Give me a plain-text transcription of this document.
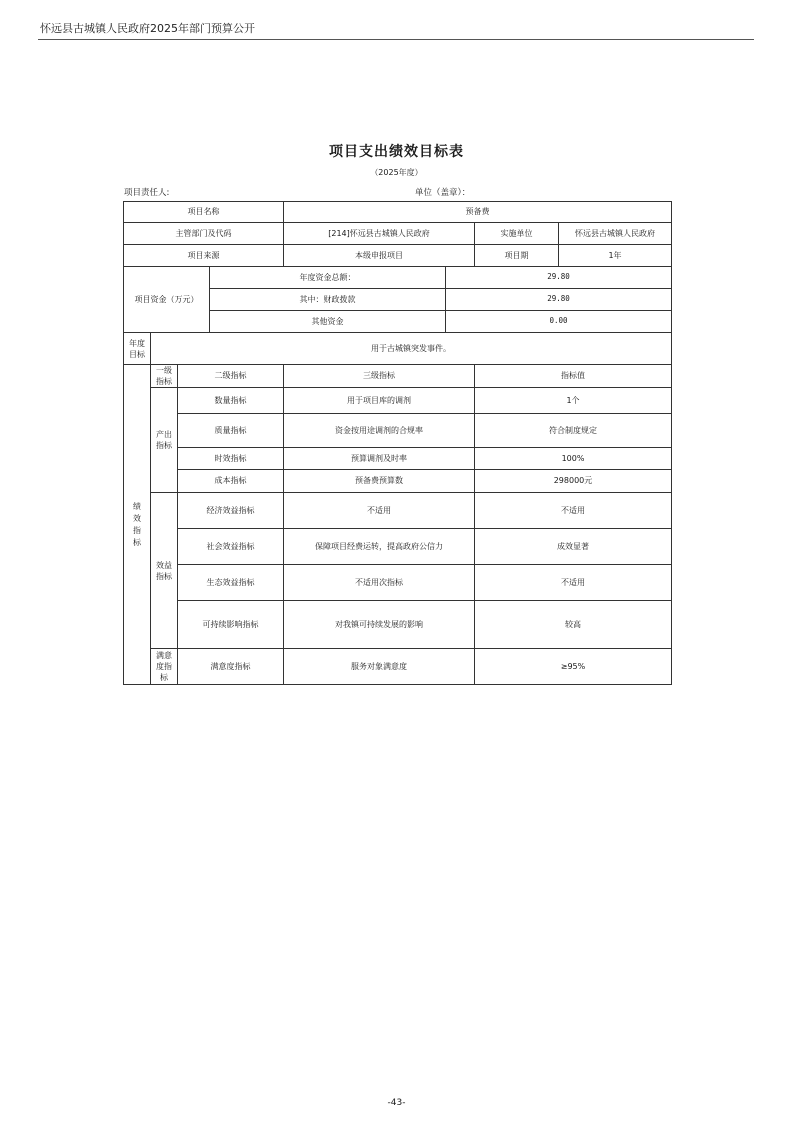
怀远县古城镇人民政府2025年部门预算公开
项目支出绩效目标表
（2025年度）
项目责任人:	单位（盖章）：
项目名称				预备费			
主管部门及代码				[214]怀远县古城镇人民政府		实施单位	怀远县古城镇人民政府
项目来源				本级申报项目		项目期	1年
项目资金（万元）			年度资金总额：		29.80		
			其中：财政拨款		29.80		
			其他资金		0.00		
年度目标	用于古城镇突发事件。						
绩效指标	一级指标	二级指标		三级指标		指标值	
	产出指标	数量指标		用于项目库的调剂		1个	
		质量指标		资金按用途调剂的合规率		符合制度规定	
		时效指标		预算调剂及时率		100%	
		成本指标		预备费预算数		298000元	
	效益指标	经济效益指标		不适用		不适用	
		社会效益指标		保障项目经费运转，提高政府公信力		成效显著	
		生态效益指标		不适用次指标		不适用	
		可持续影响指标		对我镇可持续发展的影响		较高	
	满意度指标	满意度指标		服务对象满意度		≥95%	
-43-
